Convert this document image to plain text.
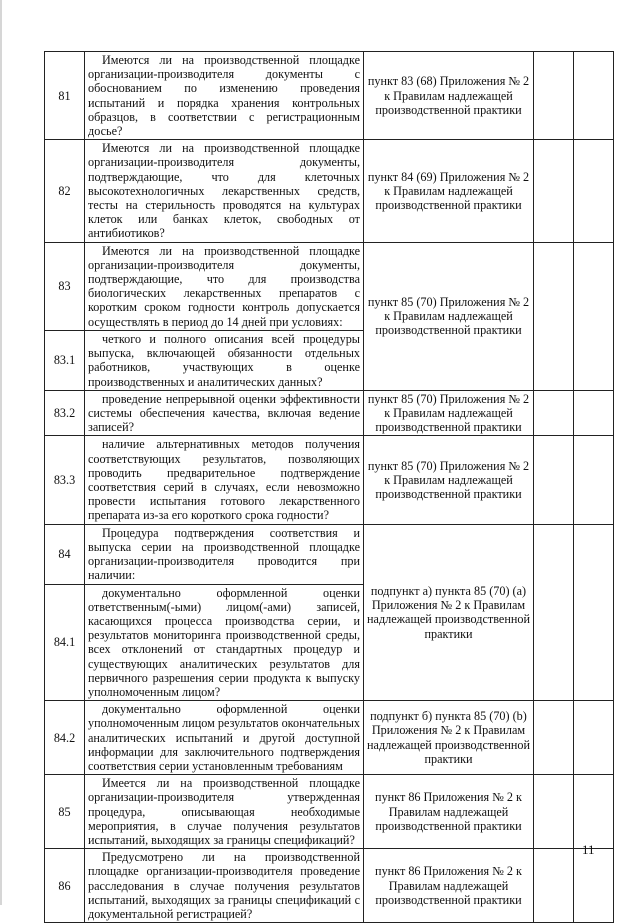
81	Имеются ли на производственной площадке организации-производителя документы с обоснованием по изменению проведения испытаний и порядка хранения контрольных образцов, в соответствии с регистрационным досье?	пункт 83 (68) Приложения № 2 к Правилам надлежащей производственной практики		
82	Имеются ли на производственной площадке организации-производителя документы, подтверждающие, что для клеточных высокотехнологичных лекарственных средств, тесты на стерильность проводятся на культурах клеток или банках клеток, свободных от антибиотиков?	пункт 84 (69) Приложения № 2 к Правилам надлежащей производственной практики		
83	Имеются ли на производственной площадке организации-производителя документы, подтверждающие, что для производства биологических лекарственных препаратов с коротким сроком годности контроль допускается осуществлять в период до 14 дней при условиях:	пункт 85 (70) Приложения № 2 к Правилам надлежащей производственной практики		
83.1	четкого и полного описания всей процедуры выпуска, включающей обязанности отдельных работников, участвующих в оценке производственных и аналитических данных?			
83.2	проведение непрерывной оценки эффективности системы обеспечения качества, включая ведение записей?	пункт 85 (70) Приложения № 2 к Правилам надлежащей производственной практики		
83.3	наличие альтернативных методов получения соответствующих результатов, позволяющих проводить предварительное подтверждение соответствия серий в случаях, если невозможно провести испытания готового лекарственного препарата из-за его короткого срока годности?	пункт 85 (70) Приложения № 2 к Правилам надлежащей производственной практики		
84	Процедура подтверждения соответствия и выпуска серии на производственной площадке организации-производителя проводится при наличии:	подпункт а) пункта 85 (70) (а) Приложения № 2 к Правилам надлежащей производственной практики		
84.1	документально оформленной оценки ответственным(-ыми) лицом(-ами) записей, касающихся процесса производства серии, и результатов мониторинга производственной среды, всех отклонений от стандартных процедур и существующих аналитических результатов для первичного разрешения серии продукта к выпуску уполномоченным лицом?			
84.2	документально оформленной оценки уполномоченным лицом результатов окончательных аналитических испытаний и другой доступной информации для заключительного подтверждения соответствия серии установленным требованиям	подпункт б) пункта 85 (70) (b) Приложения № 2 к Правилам надлежащей производственной практики		
85	Имеется ли на производственной площадке организации-производителя утвержденная процедура, описывающая необходимые мероприятия, в случае получения результатов испытаний, выходящих за границы спецификаций?	пункт 86 Приложения № 2 к Правилам надлежащей производственной практики		
86	Предусмотрено ли на производственной площадке организации-производителя проведение расследования в случае получения результатов испытаний, выходящих за границы спецификаций с документальной регистрацией?	пункт 86 Приложения № 2 к Правилам надлежащей производственной практики		
11
